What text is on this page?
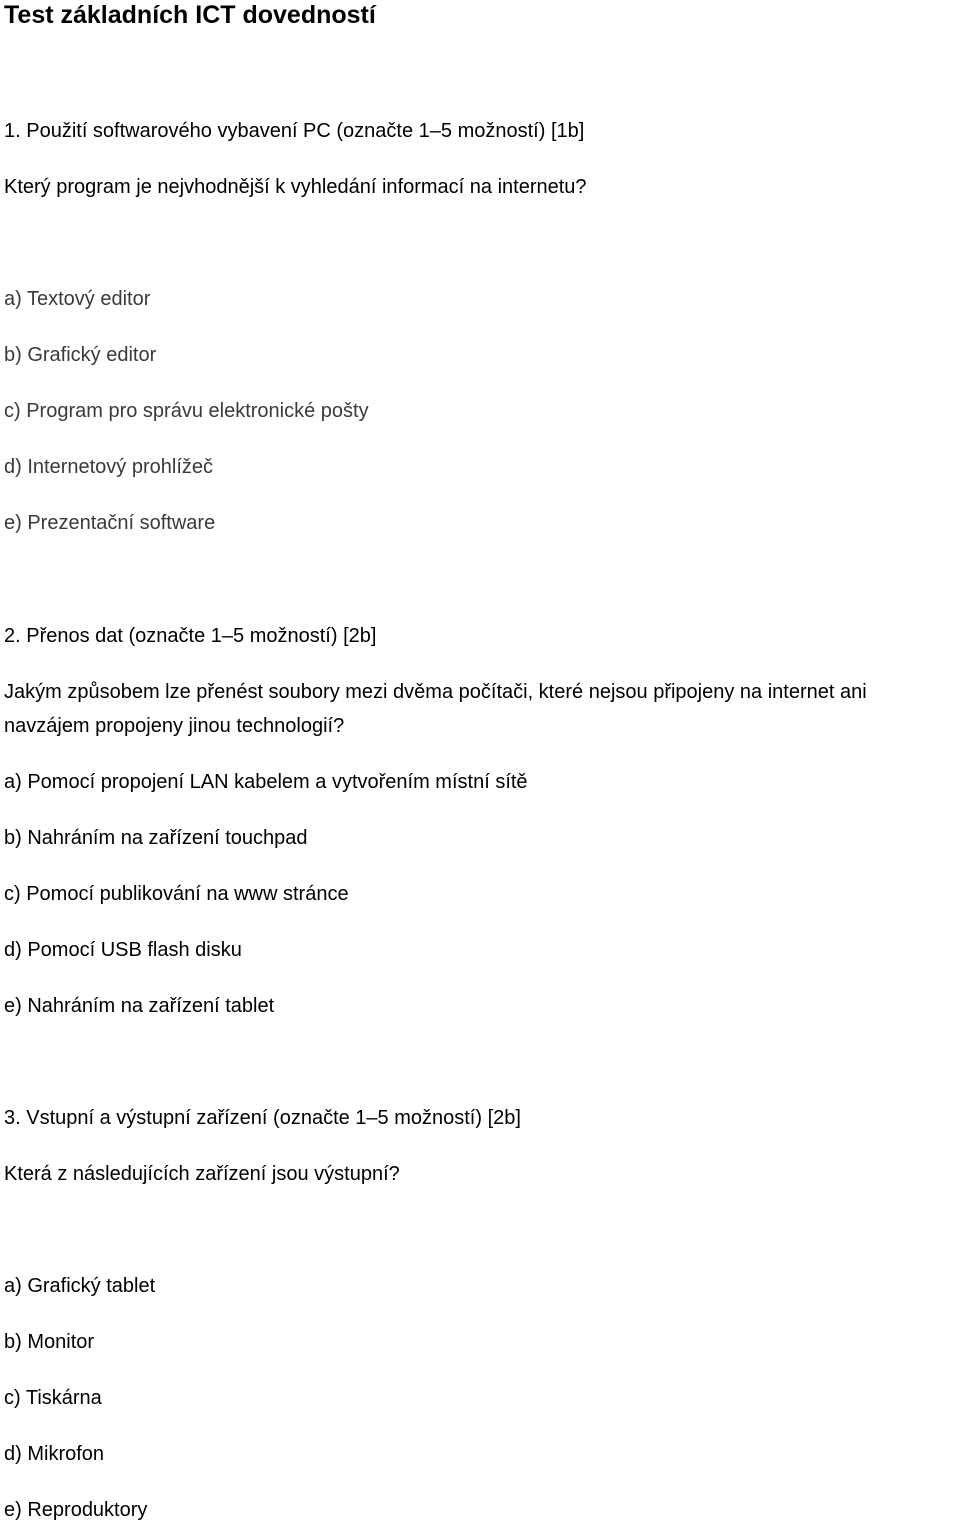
Test základních ICT dovedností

1. Použití softwarového vybavení PC (označte 1–5 možností) [1b]

Který program je nejvhodnější k vyhledání informací na internetu?

a) Textový editor

b) Grafický editor

c) Program pro správu elektronické pošty

d) Internetový prohlížeč

e) Prezentační software

2. Přenos dat (označte 1–5 možností) [2b]

Jakým způsobem lze přenést soubory mezi dvěma počítači, které nejsou připojeny na internet ani

navzájem propojeny jinou technologií?

a) Pomocí propojení LAN kabelem a vytvořením místní sítě

b) Nahráním na zařízení touchpad

c) Pomocí publikování na www stránce

d) Pomocí USB flash disku

e) Nahráním na zařízení tablet

3. Vstupní a výstupní zařízení (označte 1–5 možností) [2b]

Která z následujících zařízení jsou výstupní?

a) Grafický tablet

b) Monitor

c) Tiskárna

d) Mikrofon

e) Reproduktory
